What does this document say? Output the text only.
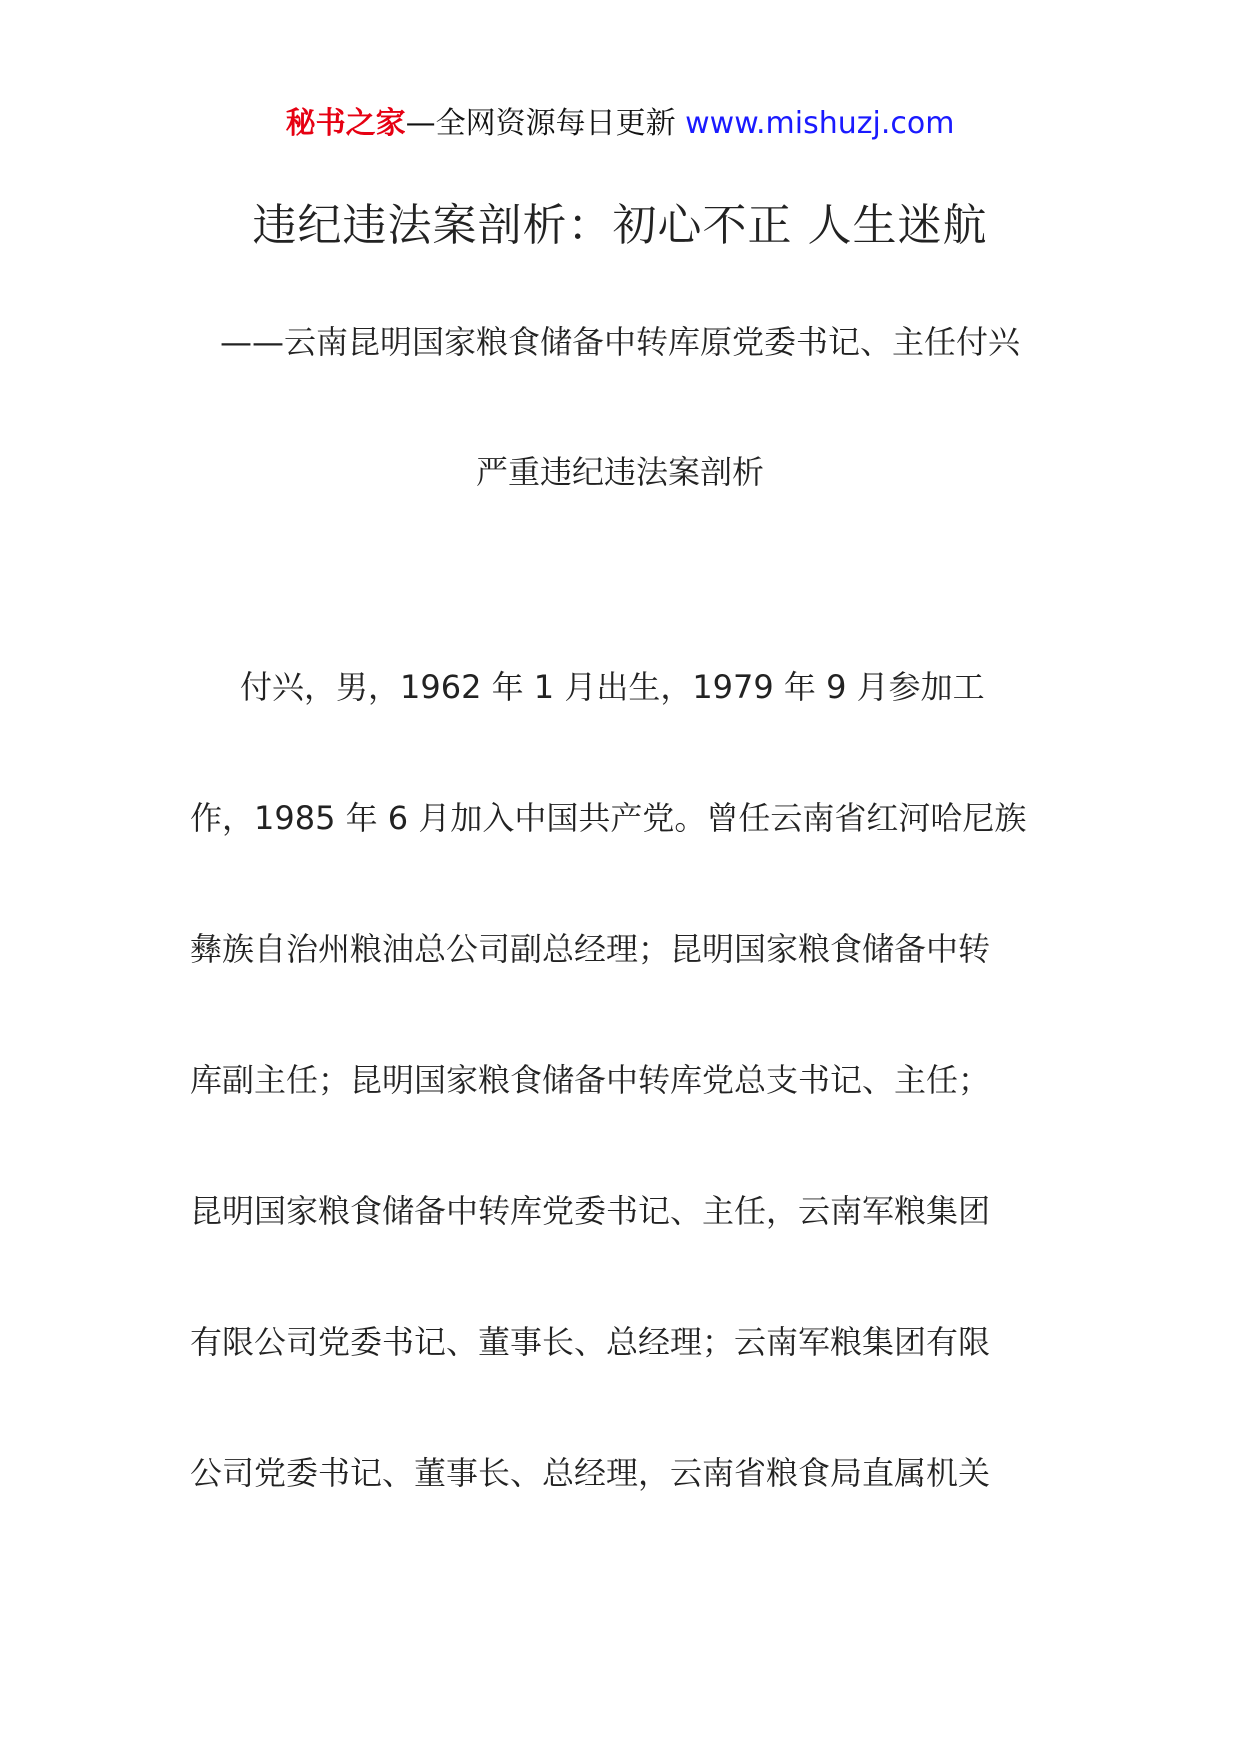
秘书之家—全网资源每日更新 www.mishuzj.com
违纪违法案剖析：初心不正 人生迷航
——云南昆明国家粮食储备中转库原党委书记、主任付兴
严重违纪违法案剖析
付兴，男，1962 年 1 月出生，1979 年 9 月参加工
作，1985 年 6 月加入中国共产党。曾任云南省红河哈尼族
彝族自治州粮油总公司副总经理；昆明国家粮食储备中转
库副主任；昆明国家粮食储备中转库党总支书记、主任；
昆明国家粮食储备中转库党委书记、主任，云南军粮集团
有限公司党委书记、董事长、总经理；云南军粮集团有限
公司党委书记、董事长、总经理，云南省粮食局直属机关
